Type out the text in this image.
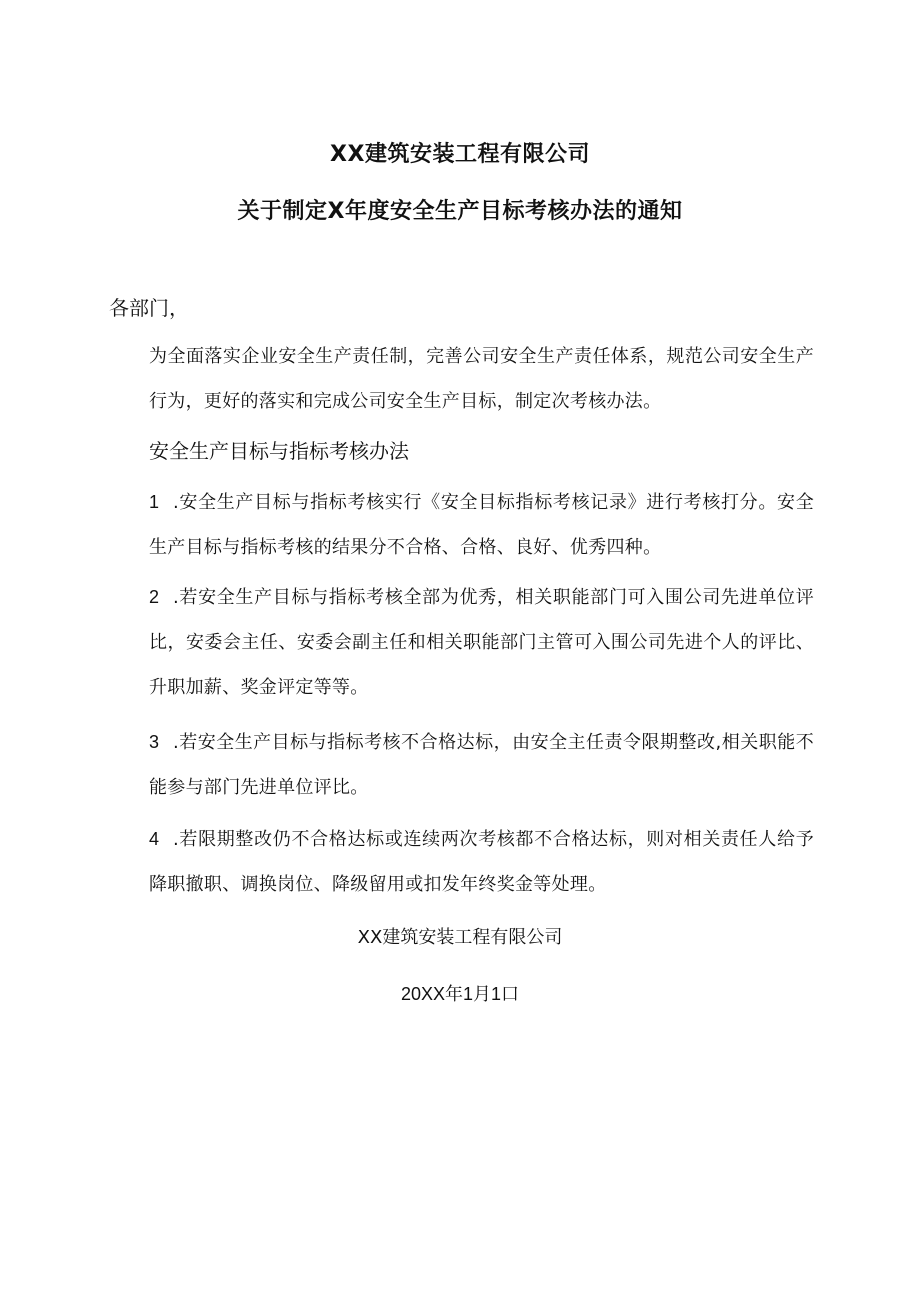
XX建筑安装工程有限公司
关于制定X年度安全生产目标考核办法的通知
各部门，
为全面落实企业安全生产责任制，完善公司安全生产责任体系，规范公司安全生产行为，更好的落实和完成公司安全生产目标，制定次考核办法。
安全生产目标与指标考核办法
1 .安全生产目标与指标考核实行《安全目标指标考核记录》进行考核打分。安全生产目标与指标考核的结果分不合格、合格、良好、优秀四种。
2 .若安全生产目标与指标考核全部为优秀，相关职能部门可入围公司先进单位评比，安委会主任、安委会副主任和相关职能部门主管可入围公司先进个人的评比、升职加薪、奖金评定等等。
3 .若安全生产目标与指标考核不合格达标，由安全主任责令限期整改,相关职能不能参与部门先进单位评比。
4 .若限期整改仍不合格达标或连续两次考核都不合格达标，则对相关责任人给予降职撤职、调换岗位、降级留用或扣发年终奖金等处理。
XX建筑安装工程有限公司
20XX年1月1口
